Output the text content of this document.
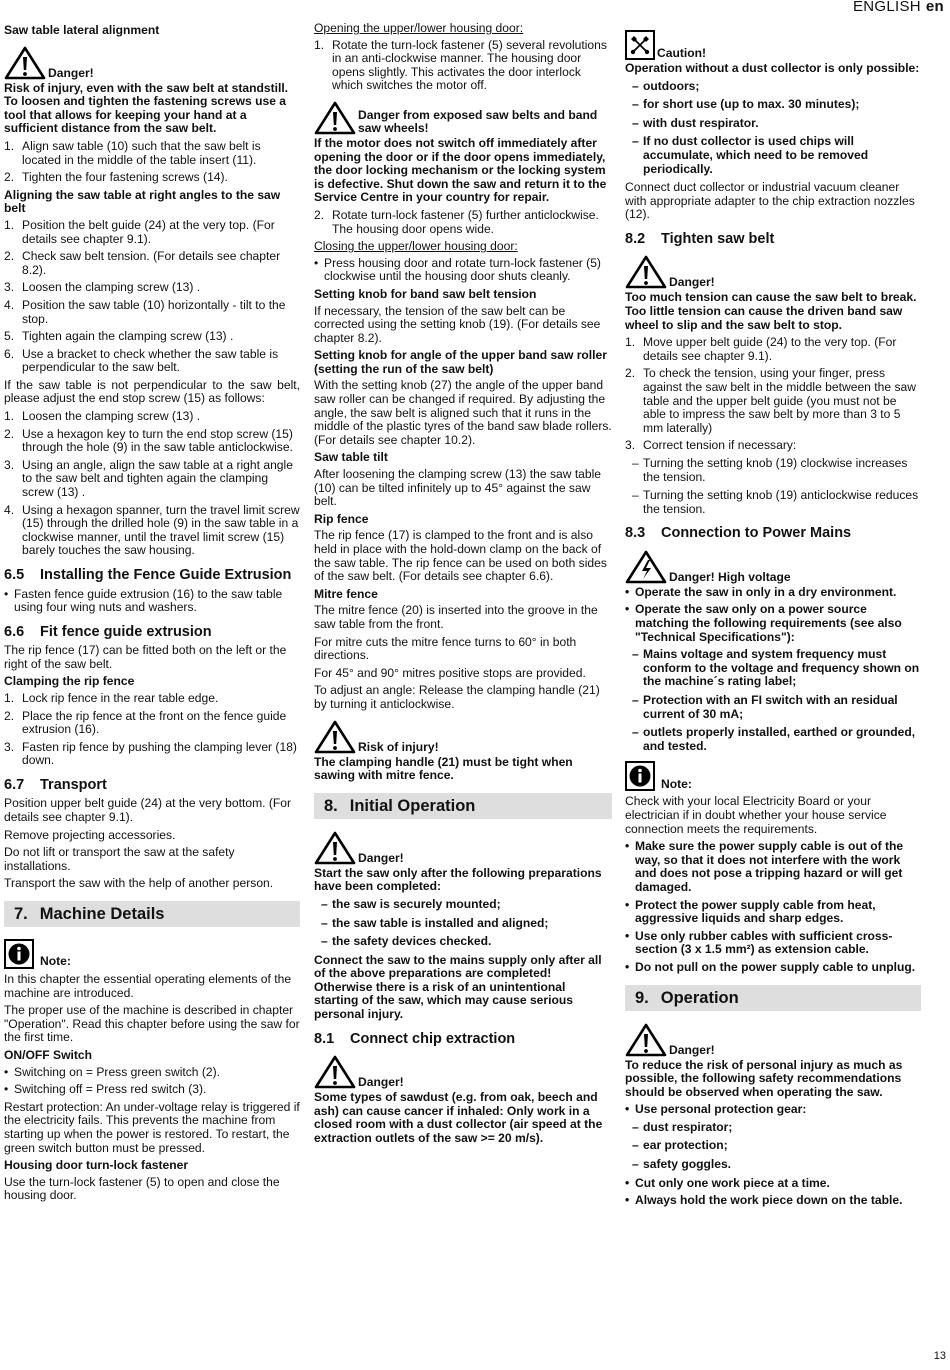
ENGLISH en
Saw table lateral alignment
Danger!

Risk of injury, even with the saw belt at standstill. To loosen and tighten the fastening screws use a tool that allows for keeping your hand at a sufficient distance from the saw belt.

1. Align saw table (10) such that the saw belt is located in the middle of the table insert (11).
2. Tighten the four fastening screws (14).
Aligning the saw table at right angles to the saw belt
1. Position the belt guide (24) at the very top. (For details see chapter 9.1).
2. Check saw belt tension. (For details see chapter 8.2).
3. Loosen the clamping screw (13) .
4. Position the saw table (10) horizontally - tilt to the stop.
5. Tighten again the clamping screw (13) .
6. Use a bracket to check whether the saw table is perpendicular to the saw belt.

If the saw table is not perpendicular to the saw belt, please adjust the end stop screw (15) as follows:

1. Loosen the clamping screw (13) .
2. Use a hexagon key to turn the end stop screw (15) through the hole (9) in the saw table anticlockwise.
3. Using an angle, align the saw table at a right angle to the saw belt and tighten again the clamping screw (13) .
4. Using a hexagon spanner, turn the travel limit screw (15) through the drilled hole (9) in the saw table in a clockwise manner, until the travel limit screw (15) barely touches the saw housing.
6.5	Installing the Fence Guide Extrusion
• Fasten fence guide extrusion (16) to the saw table using four wing nuts and washers.
6.6	Fit fence guide extrusion

The rip fence (17) can be fitted both on the left or the right of the saw belt.

Clamping the rip fence
1. Lock rip fence in the rear table edge.
2. Place the rip fence at the front on the fence guide extrusion (16).
3. Fasten rip fence by pushing the clamping lever (18) down.
6.7	Transport

Position upper belt guide (24) at the very bottom. (For details see chapter 9.1).

Remove projecting accessories.

Do not lift or transport the saw at the safety installations.

Transport the saw with the help of another person.

7. Machine Details
Note:

In this chapter the essential operating elements of the machine are introduced.

The proper use of the machine is described in chapter "Operation". Read this chapter before using the saw for the first time.

ON/OFF Switch
• Switching on = Press green switch (2).
• Switching off = Press red switch (3).

Restart protection: An under-voltage relay is triggered if the electricity fails. This prevents the machine from starting up when the power is restored. To restart, the green switch button must be pressed.

Housing door turn-lock fastener

Use the turn-lock fastener (5) to open and close the housing door.

Opening the upper/lower housing door:
1. Rotate the turn-lock fastener (5) several revolutions in an anti-clockwise manner. The housing door opens slightly. This activates the door interlock which switches the motor off.
Danger from exposed saw belts and band saw wheels!

If the motor does not switch off immediately after opening the door or if the door opens immediately, the door locking mechanism or the locking system is defective. Shut down the saw and return it to the Service Centre in your country for repair.

2. Rotate turn-lock fastener (5) further anticlockwise. The housing door opens wide.
Closing the upper/lower housing door:
• Press housing door and rotate turn-lock fastener (5) clockwise until the housing door shuts cleanly.
Setting knob for band saw belt tension

If necessary, the tension of the saw belt can be corrected using the setting knob (19). (For details see chapter 8.2).

Setting knob for angle of the upper band saw roller (setting the run of the saw belt)

With the setting knob (27) the angle of the upper band saw roller can be changed if required. By adjusting the angle, the saw belt is aligned such that it runs in the middle of the plastic tyres of the band saw blade rollers. (For details see chapter 10.2).

Saw table tilt

After loosening the clamping screw (13) the saw table (10) can be tilted infinitely up to 45° against the saw belt.

Rip fence

The rip fence (17) is clamped to the front and is also held in place with the hold-down clamp on the back of the saw table. The rip fence can be used on both sides of the saw belt. (For details see chapter 6.6).

Mitre fence

The mitre fence (20) is inserted into the groove in the saw table from the front.

For mitre cuts the mitre fence turns to 60° in both directions.

For 45° and 90° mitres positive stops are provided.

To adjust an angle: Release the clamping handle (21) by turning it anticlockwise.

Risk of injury!

The clamping handle (21) must be tight when sawing with mitre fence.

8. Initial Operation
Danger!

Start the saw only after the following preparations have been completed:

– the saw is securely mounted;
– the saw table is installed and aligned;
– the safety devices checked.

Connect the saw to the mains supply only after all of the above preparations are completed! Otherwise there is a risk of an unintentional starting of the saw, which may cause serious personal injury.

8.1	Connect chip extraction
Danger!

Some types of sawdust (e.g. from oak, beech and ash) can cause cancer if inhaled: Only work in a closed room with a dust collector (air speed at the extraction outlets of the saw >= 20 m/s).

Caution!

Operation without a dust collector is only possible:

– outdoors;
– for short use (up to max. 30 minutes);
– with dust respirator.
– If no dust collector is used chips will accumulate, which need to be removed periodically.

Connect duct collector or industrial vacuum cleaner with appropriate adapter to the chip extraction nozzles (12).

8.2	Tighten saw belt
Danger!

Too much tension can cause the saw belt to break. Too little tension can cause the driven band saw wheel to slip and the saw belt to stop.

1. Move upper belt guide (24) to the very top. (For details see chapter 9.1).
2. To check the tension, using your finger, press against the saw belt in the middle between the saw table and the upper belt guide (you must not be able to impress the saw belt by more than 3 to 5 mm laterally)
3. Correct tension if necessary:
– Turning the setting knob (19) clockwise increases the tension.
– Turning the setting knob (19) anticlockwise reduces the tension.
8.3	Connection to Power Mains
Danger! High voltage
• Operate the saw in only in a dry environment.
• Operate the saw only on a power source matching the following requirements (see also "Technical Specifications"):
– Mains voltage and system frequency must conform to the voltage and frequency shown on the machine´s rating label;
– Protection with an FI switch with an residual current of 30 mA;
– outlets properly installed, earthed or grounded, and tested.
Note:

Check with your local Electricity Board or your electrician if in doubt whether your house service connection meets the requirements.

• Make sure the power supply cable is out of the way, so that it does not interfere with the work and does not pose a tripping hazard or will get damaged.
• Protect the power supply cable from heat, aggressive liquids and sharp edges.
• Use only rubber cables with sufficient cross-section (3 x 1.5 mm²) as extension cable.
• Do not pull on the power supply cable to unplug.
9. Operation
Danger!

To reduce the risk of personal injury as much as possible, the following safety recommendations should be observed when operating the saw.

• Use personal protection gear:
– dust respirator;
– ear protection;
– safety goggles.
• Cut only one work piece at a time.
• Always hold the work piece down on the table.
13
